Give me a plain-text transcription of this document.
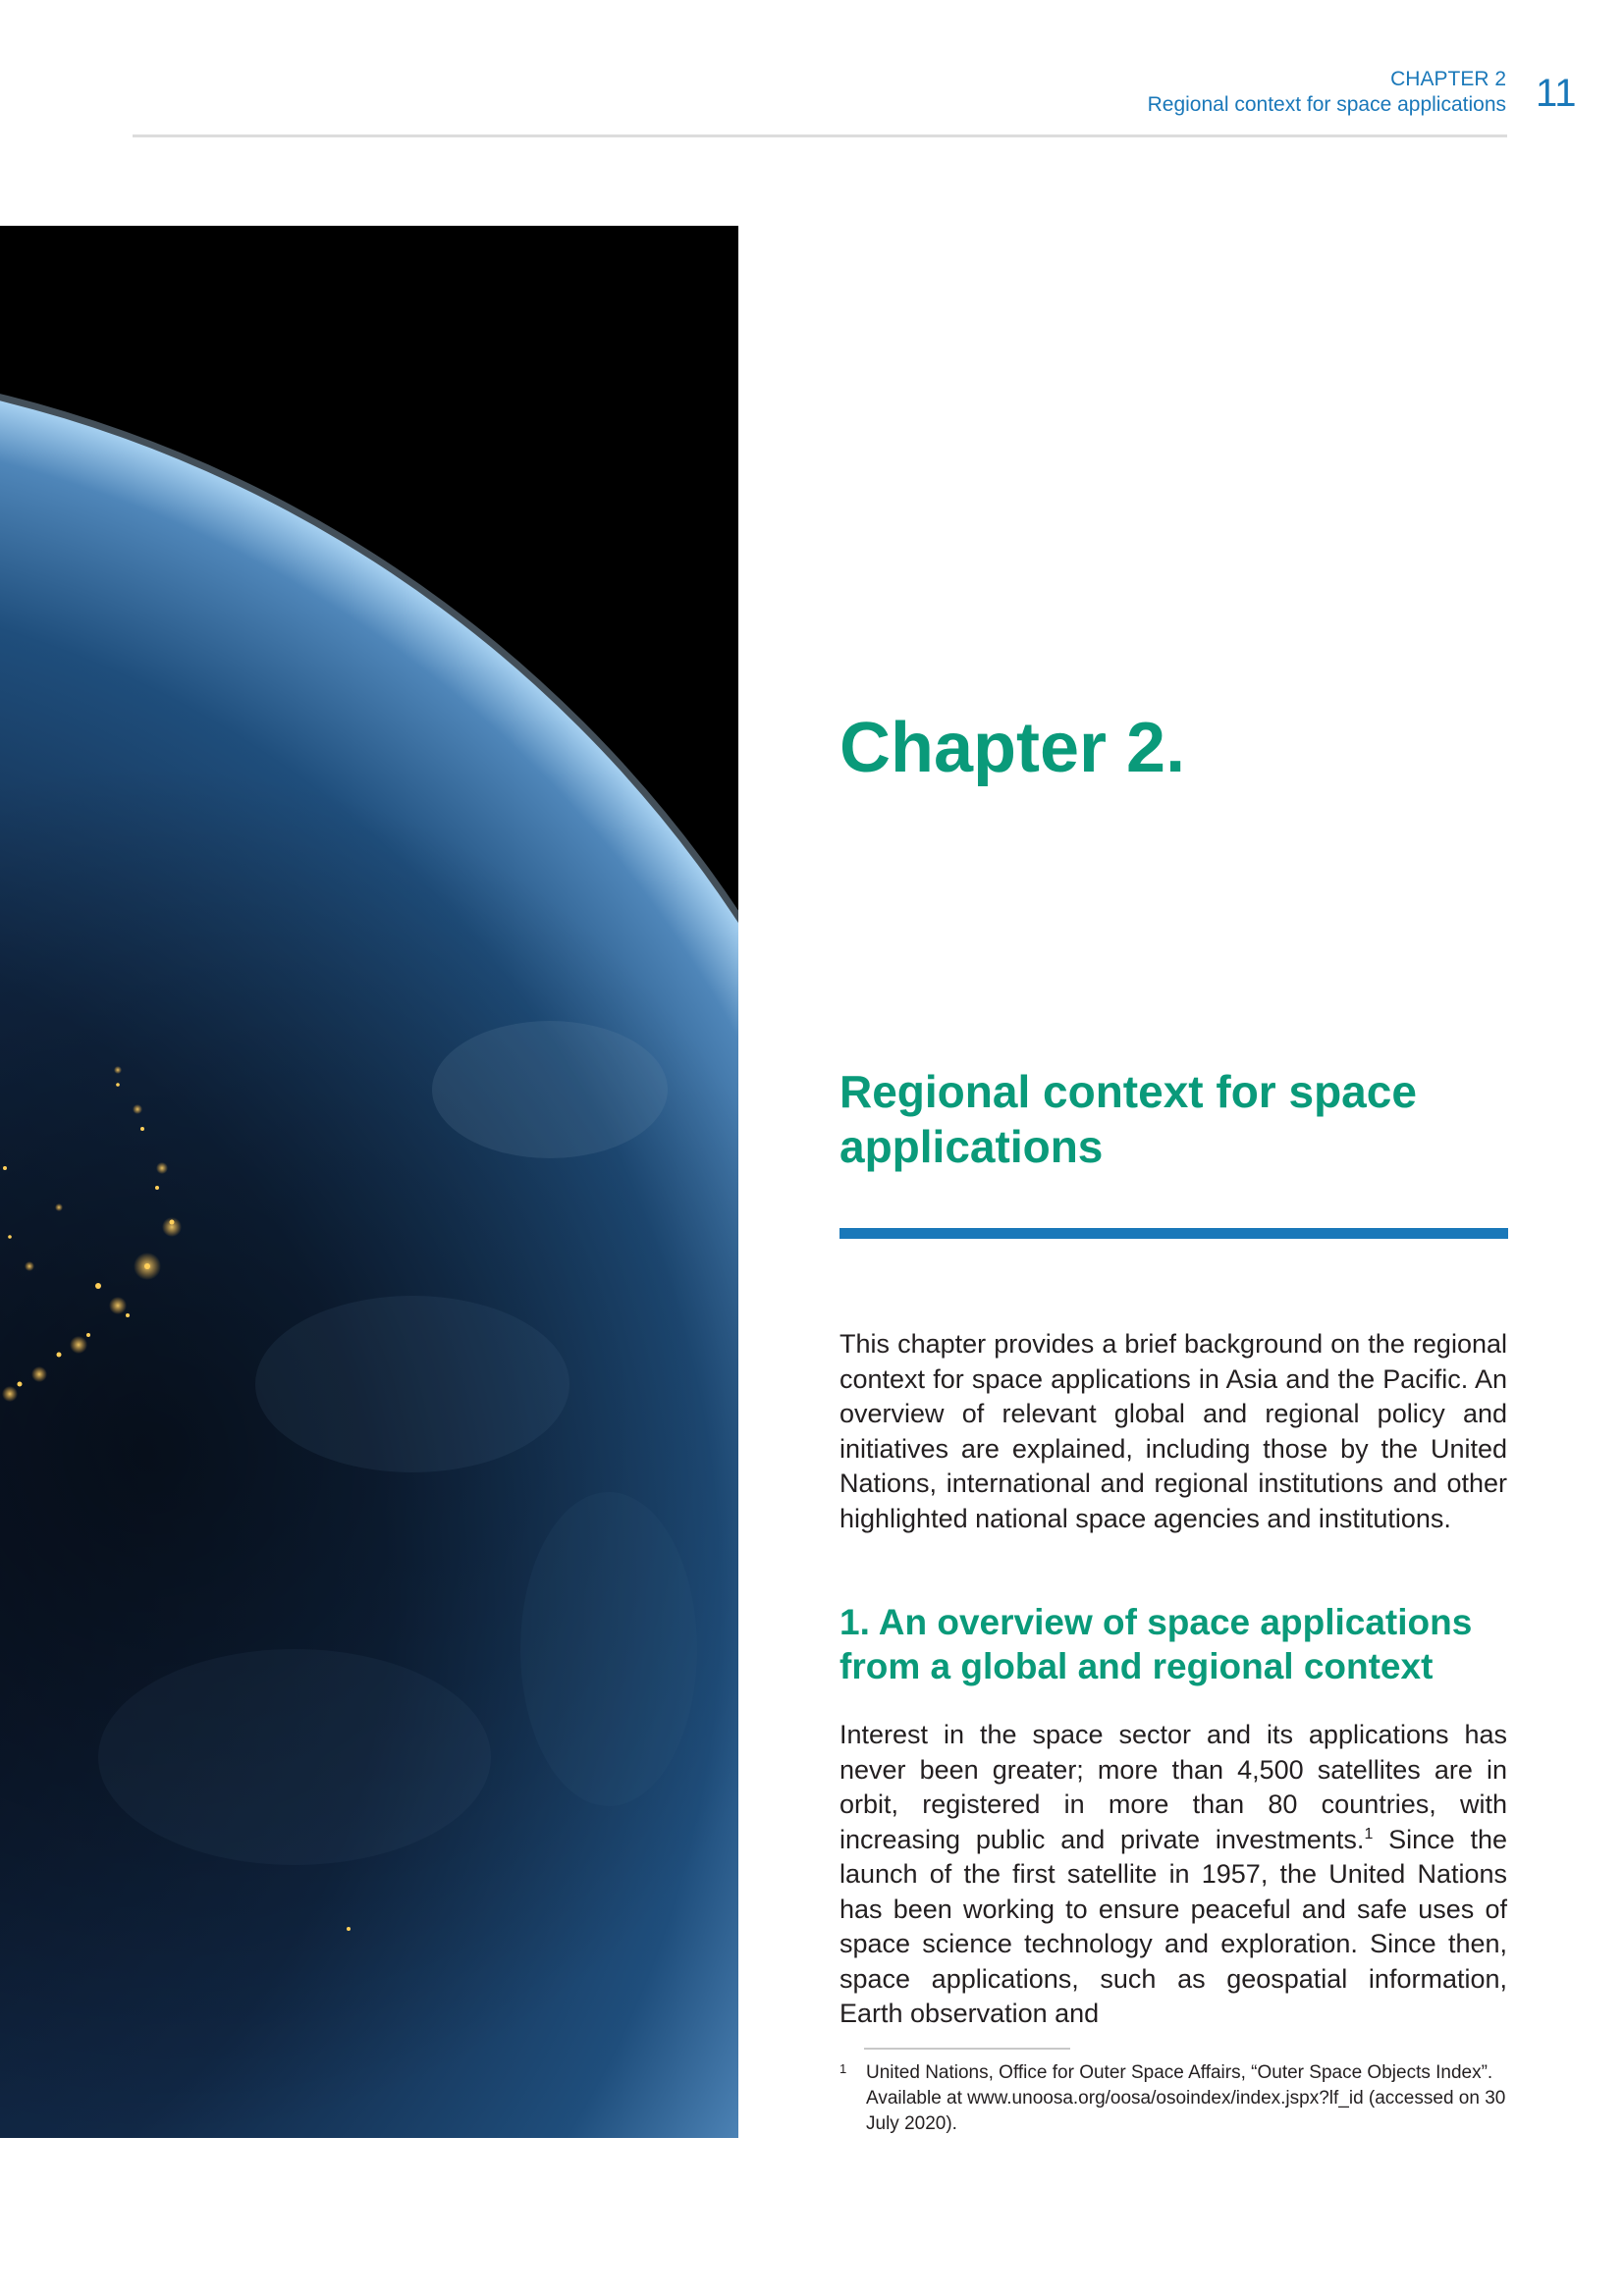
CHAPTER 2
Regional context for space applications 11
Chapter 2.
Regional context for space applications

This chapter provides a brief background on the regional context for space applications in Asia and the Pacific. An overview of relevant global and regional policy and initiatives are explained, including those by the United Nations, international and regional institutions and other highlighted national space agencies and institutions.

1. An overview of space applications from a global and regional context

Interest in the space sector and its applications has never been greater; more than 4,500 satellites are in orbit, registered in more than 80 countries, with increasing public and private investments.$^1$ Since the launch of the first satellite in 1957, the United Nations has been working to ensure peaceful and safe uses of space science technology and exploration. Since then, space applications, such as geospatial information, Earth observation and

1 United Nations, Office for Outer Space Affairs, “Outer Space Objects Index”. Available at www.unoosa.org/oosa/osoindex/index.jspx?lf_id (accessed on 30 July 2020).
